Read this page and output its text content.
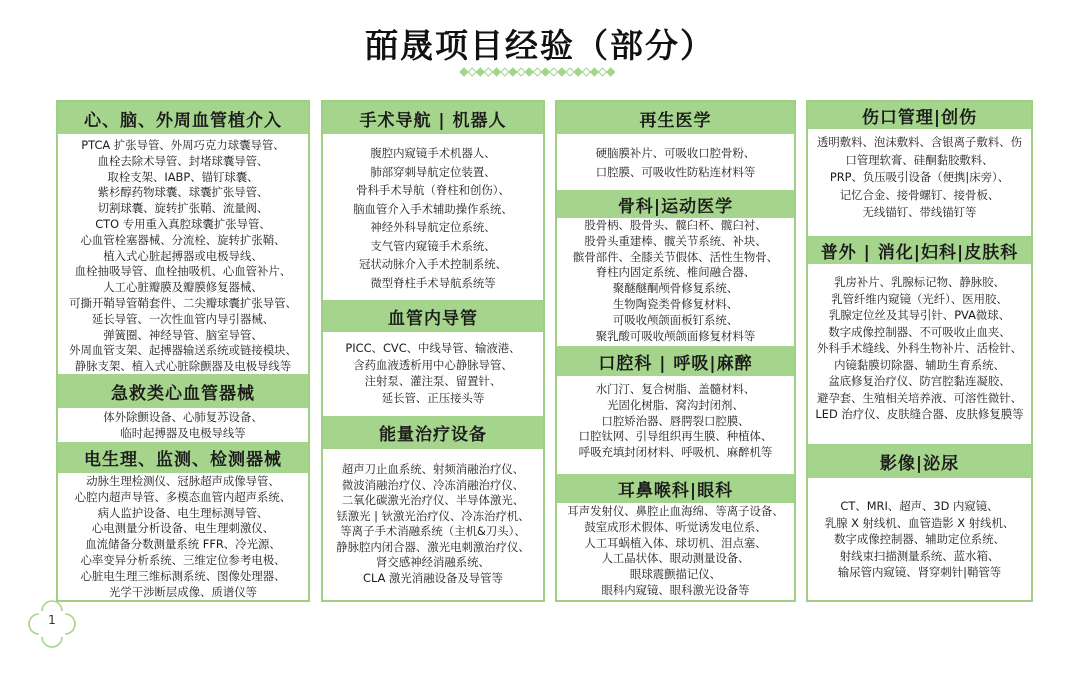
皕晟项目经验（部分）
心、脑、外周血管植介入
PTCA 扩张导管、外周巧克力球囊导管、
血栓去除术导管、封堵球囊导管、
取栓支架、IABP、锚钉球囊、
紫杉醇药物球囊、球囊扩张导管、
切割球囊、旋转扩张鞘、流量阀、
CTO 专用重入真腔球囊扩张导管、
心血管栓塞器械、分流栓、旋转扩张鞘、
植入式心脏起搏器或电极导线、
血栓抽吸导管、血栓抽吸机、心血管补片、
人工心脏瓣膜及瓣膜修复器械、
可撕开鞘导管鞘套件、二尖瓣球囊扩张导管、
延长导管、一次性血管内导引器械、
弹簧圈、神经导管、脑室导管、
外周血管支架、起搏器输送系统或链接模块、
静脉支架、植入式心脏除颤器及电极导线等
急救类心血管器械
体外除颤设备、心肺复苏设备、
临时起搏器及电极导线等
电生理、监测、检测器械
动脉生理检测仪、冠脉超声成像导管、
心腔内超声导管、多模态血管内超声系统、
病人监护设备、电生理标测导管、
心电测量分析设备、电生理刺激仪、
血流储备分数测量系统 FFR、冷光源、
心率变异分析系统、三维定位参考电极、
心脏电生理三维标测系统、图像处理器、
光学干涉断层成像、质谱仪等
手术导航 | 机器人
腹腔内窥镜手术机器人、
肺部穿刺导航定位装置、
骨科手术导航（脊柱和创伤）、
脑血管介入手术辅助操作系统、
神经外科导航定位系统、
支气管内窥镜手术系统、
冠状动脉介入手术控制系统、
微型脊柱手术导航系统等
血管内导管
PICC、CVC、中线导管、输液港、
含药血液透析用中心静脉导管、
注射泵、灌注泵、留置针、
延长管、正压接头等
能量治疗设备
超声刀止血系统、射频消融治疗仪、
微波消融治疗仪、冷冻消融治疗仪、
二氧化碳激光治疗仪、半导体激光、
铥激光 | 钬激光治疗仪、冷冻治疗机、
等离子手术消融系统（主机&刀头）、
静脉腔内闭合器、激光电刺激治疗仪、
肾交感神经消融系统、
CLA 激光消融设备及导管等
再生医学
硬脑膜补片、可吸收口腔骨粉、
口腔膜、可吸收性防粘连材料等
骨科|运动医学
股骨柄、股骨头、髋臼杯、髋臼衬、
股骨头重建棒、髋关节系统、补块、
髌骨部件、全膝关节假体、活性生物骨、
脊柱内固定系统、椎间融合器、
聚醚醚酮颅骨修复系统、
生物陶瓷类骨修复材料、
可吸收颅颌面板钉系统、
聚乳酸可吸收颅颌面修复材料等
口腔科 | 呼吸|麻醉
水门汀、复合树脂、盖髓材料、
光固化树脂、窝沟封闭剂、
口腔矫治器、唇腭裂口腔膜、
口腔钛网、引导组织再生膜、种植体、
呼吸充填封闭材料、呼吸机、麻醉机等
耳鼻喉科|眼科
耳声发射仪、鼻腔止血海绵、等离子设备、
鼓室成形术假体、听觉诱发电位系、
人工耳蜗植入体、球切机、泪点塞、
人工晶状体、眼动测量设备、
眼球震颤描记仪、
眼科内窥镜、眼科激光设备等
伤口管理|创伤
透明敷料、泡沫敷料、含银离子敷料、伤
口管理软膏、硅酮黏胶敷料、
PRP、负压吸引设备（便携|床旁）、
记忆合金、接骨螺钉、接骨板、
无线锚钉、带线锚钉等
普外 | 消化|妇科|皮肤科
乳房补片、乳腺标记物、静脉胶、
乳管纤维内窥镜（光纤）、医用胶、
乳腺定位丝及其导引针、PVA微球、
数字成像控制器、不可吸收止血夹、
外科手术缝线、外科生物补片、活检针、
内镜黏膜切除器、辅助生育系统、
盆底修复治疗仪、防宫腔黏连凝胶、
避孕套、生殖相关培养液、可溶性微针、
LED 治疗仪、皮肤缝合器、皮肤修复膜等
影像|泌尿
CT、MRI、超声、3D 内窥镜、
乳腺 X 射线机、血管造影 X 射线机、
数字成像控制器、辅助定位系统、
射线束扫描测量系统、蓝水箱、
输尿管内窥镜、肾穿刺针|鞘管等
1
